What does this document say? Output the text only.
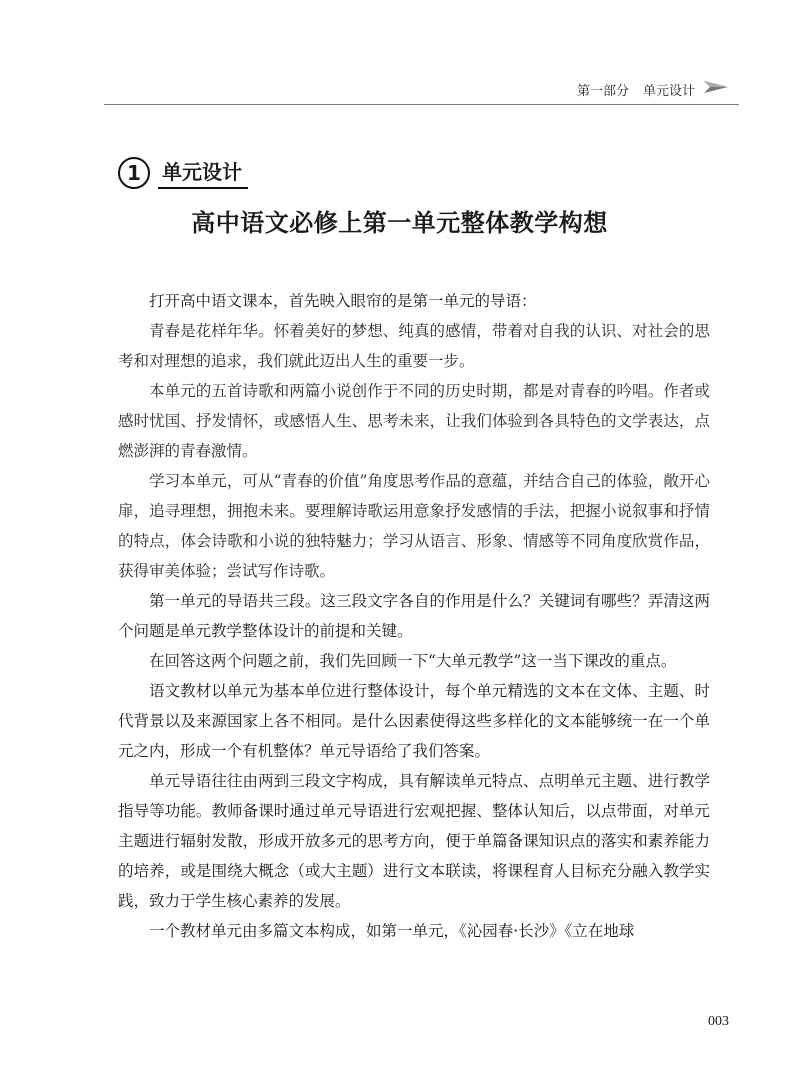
第一部分 单元设计
1	单元设计
高中语文必修上第一单元整体教学构想

打开高中语文课本，首先映入眼帘的是第一单元的导语：

青春是花样年华。怀着美好的梦想、纯真的感情，带着对自我的认识、对社会的思考和对理想的追求，我们就此迈出人生的重要一步。

本单元的五首诗歌和两篇小说创作于不同的历史时期，都是对青春的吟唱。作者或感时忧国、抒发情怀，或感悟人生、思考未来，让我们体验到各具特色的文学表达，点燃澎湃的青春激情。

学习本单元，可从“青春的价值”角度思考作品的意蕴，并结合自己的体验，敞开心扉，追寻理想，拥抱未来。要理解诗歌运用意象抒发感情的手法，把握小说叙事和抒情的特点，体会诗歌和小说的独特魅力；学习从语言、形象、情感等不同角度欣赏作品，获得审美体验；尝试写作诗歌。

第一单元的导语共三段。这三段文字各自的作用是什么？关键词有哪些？弄清这两个问题是单元教学整体设计的前提和关键。

在回答这两个问题之前，我们先回顾一下“大单元教学”这一当下课改的重点。

语文教材以单元为基本单位进行整体设计，每个单元精选的文本在文体、主题、时代背景以及来源国家上各不相同。是什么因素使得这些多样化的文本能够统一在一个单元之内，形成一个有机整体？单元导语给了我们答案。

单元导语往往由两到三段文字构成，具有解读单元特点、点明单元主题、进行教学指导等功能。教师备课时通过单元导语进行宏观把握、整体认知后，以点带面，对单元主题进行辐射发散，形成开放多元的思考方向，便于单篇备课知识点的落实和素养能力的培养，或是围绕大概念（或大主题）进行文本联读，将课程育人目标充分融入教学实践，致力于学生核心素养的发展。

一个教材单元由多篇文本构成，如第一单元，《沁园春·长沙》《立在地球

003
